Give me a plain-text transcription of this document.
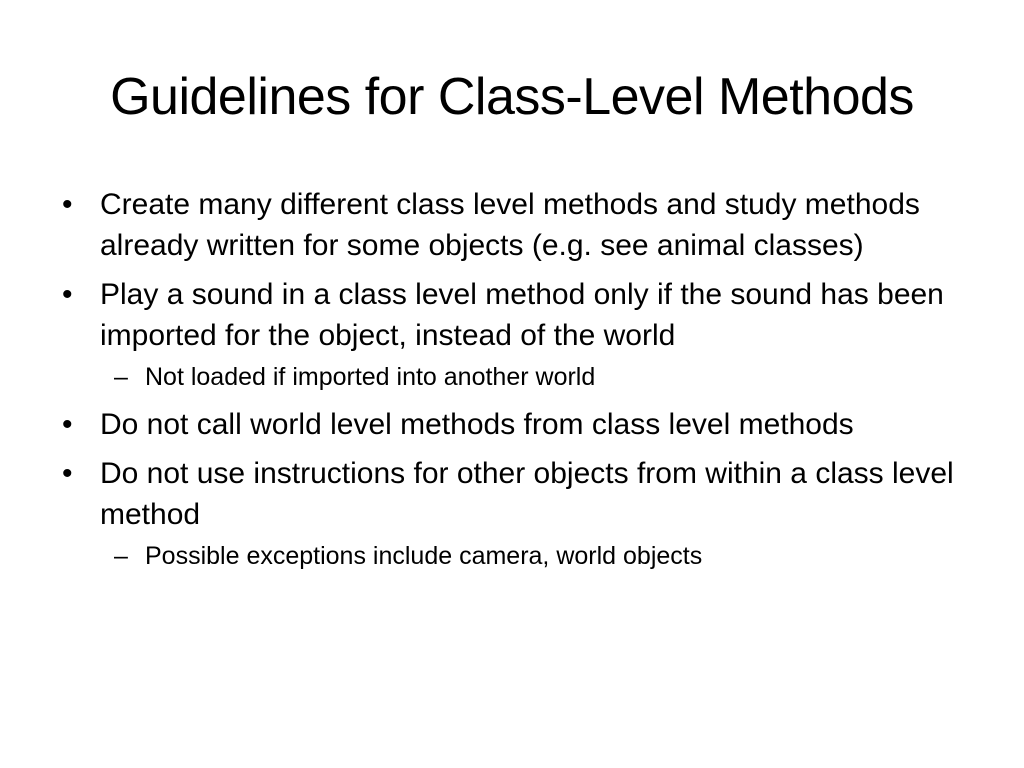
Guidelines for Class-Level Methods
• Create many different class level methods and study methods already written for some objects (e.g. see animal classes)
• Play a sound in a class level method only if the sound has been imported for the object, instead of the world
– Not loaded if imported into another world
• Do not call world level methods from class level methods
• Do not use instructions for other objects from within a class level method
– Possible exceptions include camera, world objects
